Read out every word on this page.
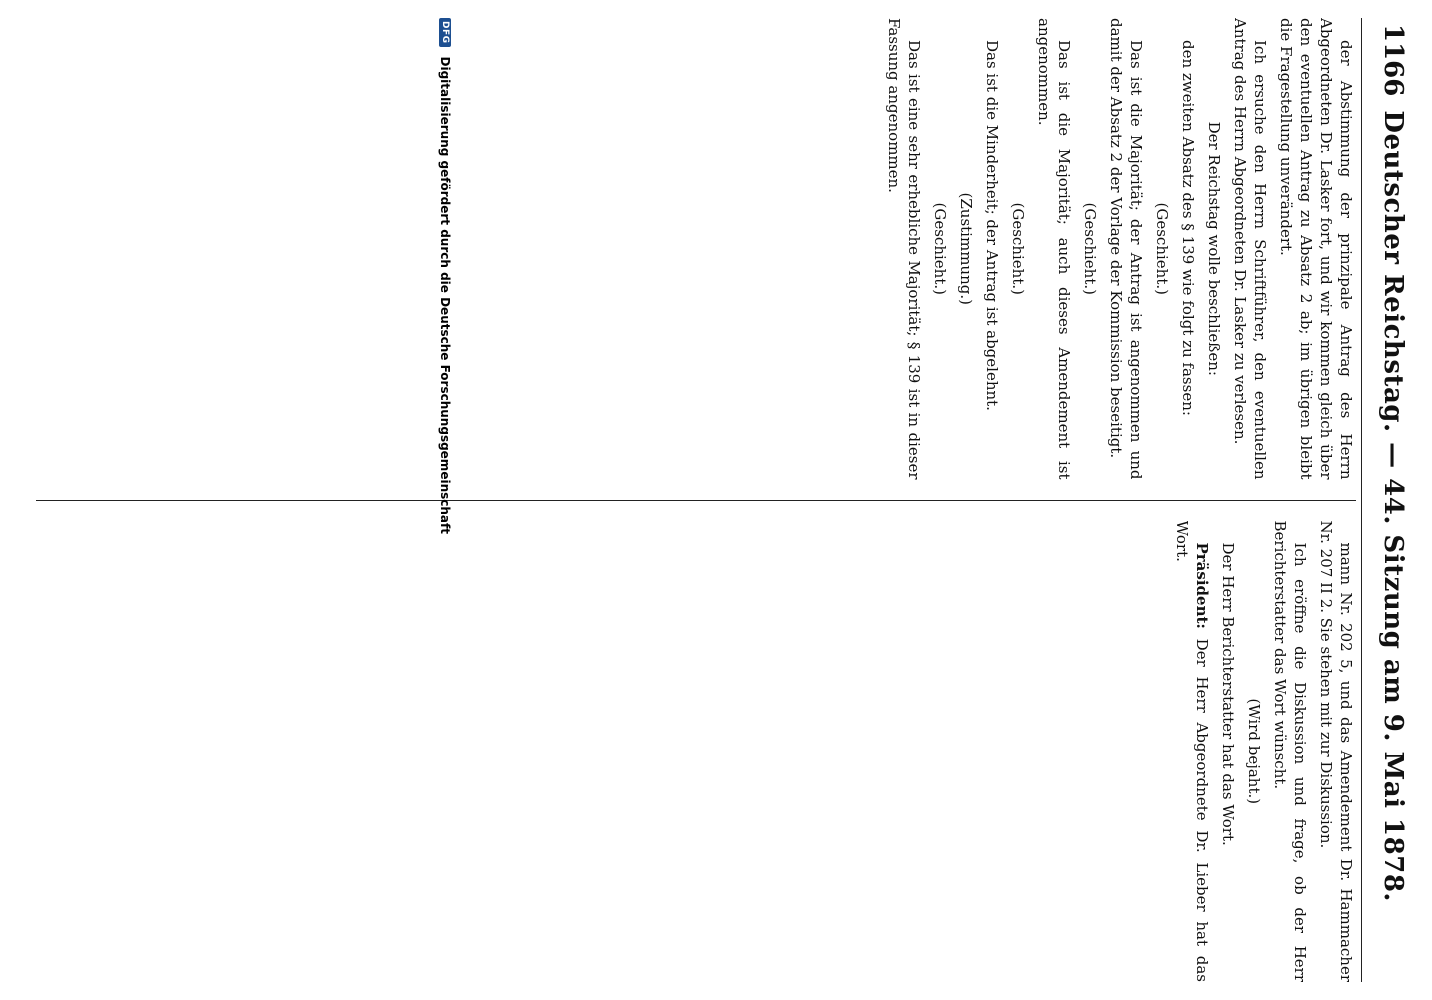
1166
Deutscher Reichstag. — 44. Sitzung am 9. Mai 1878.

der Abstimmung der prinzipale Antrag des Herrn Abgeordneten Dr. Lasker fort, und wir kommen gleich über den eventuellen Antrag zu Absatz 2 ab; im übrigen bleibt die Fragestellung unverändert.

Ich ersuche den Herrn Schriftführer, den eventuellen Antrag des Herrn Abgeordneten Dr. Lasker zu verlesen.

Der Reichstag wolle beschließen:

den zweiten Absatz des § 139 wie folgt zu fassen:

(Geschieht.)

Das ist die Majorität; der Antrag ist angenommen und damit der Absatz 2 der Vorlage der Kommission beseitigt.

(Geschieht.)

Das ist die Majorität; auch dieses Amendement ist angenommen.

(Geschieht.)

Das ist die Minderheit; der Antrag ist abgelehnt.

(Zustimmung.)

(Geschieht.)

Das ist eine sehr erhebliche Majorität; § 139 ist in dieser Fassung angenommen.

mann Nr. 202 5, und das Amendement Dr. Hammacher Nr. 207 II 2. Sie stehen mit zur Diskussion.

Ich eröffne die Diskussion und frage, ob der Herr Berichterstatter das Wort wünscht.

(Wird bejaht.)

Der Herr Berichterstatter hat das Wort.

Präsident: Der Herr Abgeordnete Dr. Lieber hat das Wort.

DFG
Digitalisierung gefördert durch die Deutsche Forschungsgemeinschaft
